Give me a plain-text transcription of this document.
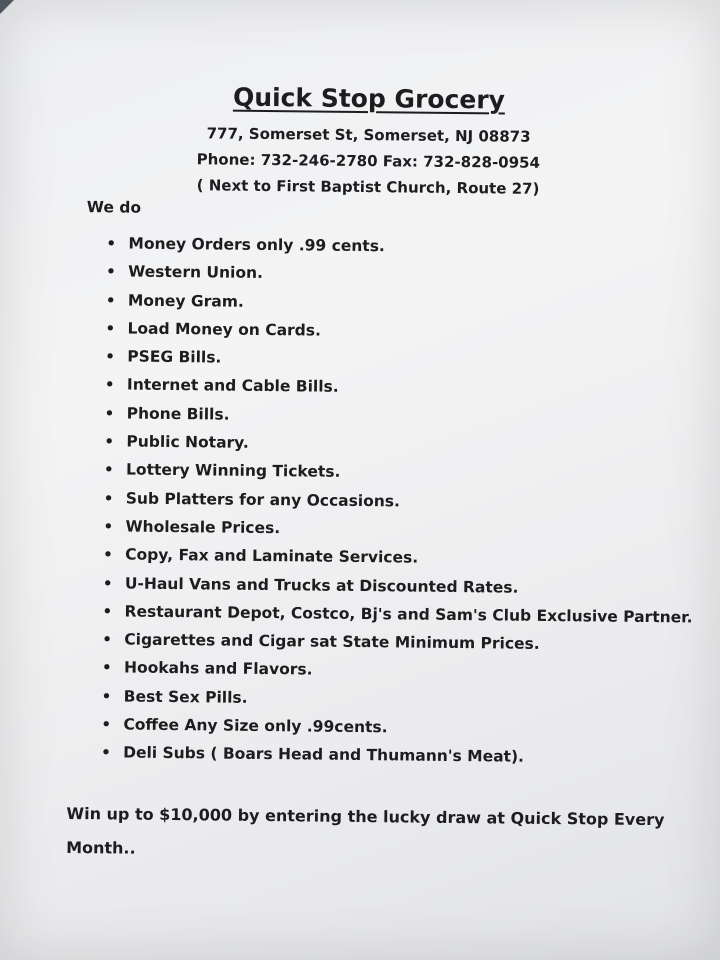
Quick Stop Grocery
777, Somerset St, Somerset, NJ 08873
Phone: 732-246-2780 Fax: 732-828-0954
( Next to First Baptist Church, Route 27)
We do
• Money Orders only .99 cents.
• Western Union.
• Money Gram.
• Load Money on Cards.
• PSEG Bills.
• Internet and Cable Bills.
• Phone Bills.
• Public Notary.
• Lottery Winning Tickets.
• Sub Platters for any Occasions.
• Wholesale Prices.
• Copy, Fax and Laminate Services.
• U-Haul Vans and Trucks at Discounted Rates.
• Restaurant Depot, Costco, Bj's and Sam's Club Exclusive Partner.
• Cigarettes and Cigar sat State Minimum Prices.
• Hookahs and Flavors.
• Best Sex Pills.
• Coffee Any Size only .99cents.
• Deli Subs ( Boars Head and Thumann's Meat).
Win up to $10,000 by entering the lucky draw at Quick Stop Every Month..
